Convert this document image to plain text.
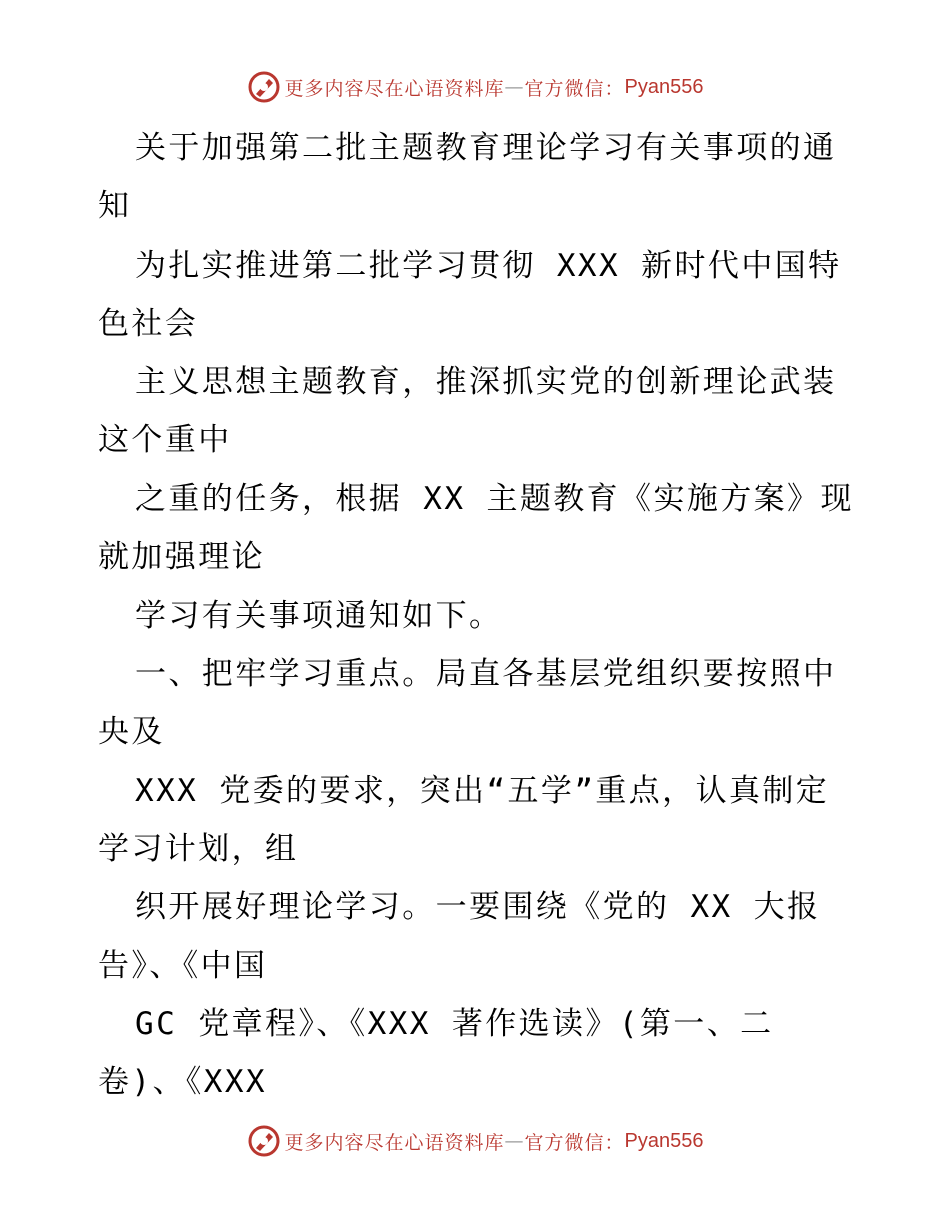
更多内容尽在心语资料库 — 官方微信： Pyan556
关于加强第二批主题教育理论学习有关事项的通
知
为扎实推进第二批学习贯彻 XXX 新时代中国特
色社会
主义思想主题教育，推深抓实党的创新理论武装
这个重中
之重的任务，根据 XX 主题教育《实施方案》现
就加强理论
学习有关事项通知如下。
一、把牢学习重点。局直各基层党组织要按照中
央及
XXX 党委的要求，突出“五学”重点，认真制定
学习计划，组
织开展好理论学习。一要围绕《党的 XX 大报
告》、《中国
GC 党章程》、《XXX 著作选读》(第一、二
卷)、《XXX
更多内容尽在心语资料库 — 官方微信： Pyan556
